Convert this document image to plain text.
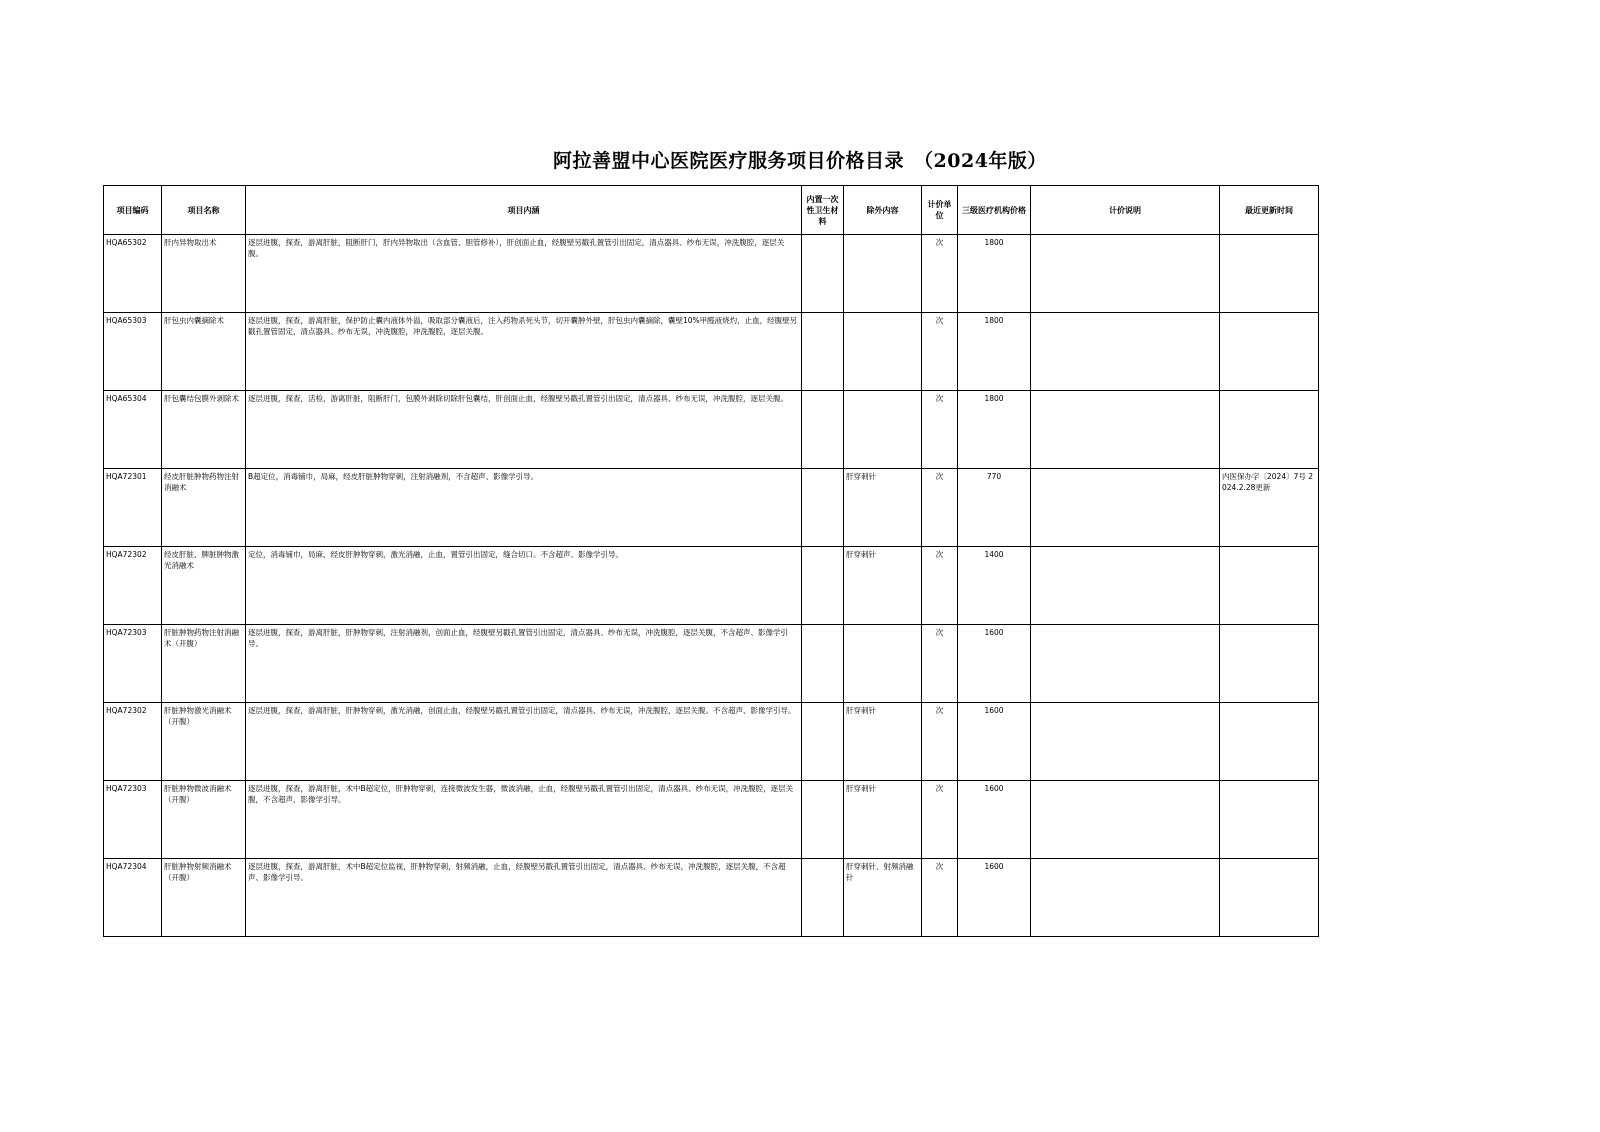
阿拉善盟中心医院医疗服务项目价格目录　（2024年版）
项目编码	项目名称	项目内涵	内置一次性卫生材料	除外内容	计价单位	三级医疗机构价格	计价说明	最近更新时间
HQA65302	肝内异物取出术	逐层进腹，探查，游离肝脏，阻断肝门，肝内异物取出（含血管、胆管修补），肝创面止血，经腹壁另戳孔置管引出固定，清点器具、纱布无误，冲洗腹腔，逐层关腹。			次	1800		
HQA65303	肝包虫内囊摘除术	逐层进腹，探查，游离肝脏，保护防止囊内液体外溢，吸取部分囊液后，注入药物杀死头节，切开囊肿外壁，肝包虫内囊摘除，囊壁10%甲醛液烧灼，止血，经腹壁另戳孔置管固定，清点器具、纱布无误，冲洗腹腔，冲洗腹腔，逐层关腹。			次	1800		
HQA65304	肝包囊结包膜外剥除术	逐层进腹，探查，活检，游离肝脏，阻断肝门，包膜外剥除切除肝包囊结，肝创面止血，经腹壁另戳孔置管引出固定，清点器具、纱布无误，冲洗腹腔，逐层关腹。			次	1800		
HQA72301	经皮肝脏肿物药物注射消融术	B超定位，消毒铺巾，局麻，经皮肝脏肿物穿刺，注射消融剂，不含超声、影像学引导。		肝穿刺针	次	770		内医保办字〔2024〕7号 2024.2.28更新
HQA72302	经皮肝脏、脾脏肿物激光消融术	定位，消毒铺巾，局麻，经皮肝肿物穿刺，激光消融，止血，置管引出固定，缝合切口。不含超声、影像学引导。		肝穿刺针	次	1400		
HQA72303	肝脏肿物药物注射消融术（开腹）	逐层进腹，探查，游离肝脏，肝肿物穿刺，注射消融剂，创面止血，经腹壁另戳孔置管引出固定，清点器具、纱布无误，冲洗腹腔，逐层关腹，不含超声、影像学引导。			次	1600		
HQA72302	肝脏肿物激光消融术（开腹）	逐层进腹，探查，游离肝脏，肝肿物穿刺，激光消融，创面止血，经腹壁另戳孔置管引出固定，清点器具、纱布无误，冲洗腹腔，逐层关腹。不含超声、影像学引导。		肝穿刺针	次	1600		
HQA72303	肝脏肿物微波消融术（开腹）	逐层进腹，探查，游离肝脏，术中B超定位，肝肿物穿刺，连接微波发生器，微波消融，止血，经腹壁另戳孔置管引出固定，清点器具、纱布无误，冲洗腹腔，逐层关腹，不含超声、影像学引导。		肝穿刺针	次	1600		
HQA72304	肝脏肿物射频消融术（开腹）	逐层进腹，探查，游离肝脏，术中B超定位监视，肝肿物穿刺，射频消融，止血，经腹壁另戳孔置管引出固定，清点器具、纱布无误，冲洗腹腔，逐层关腹，不含超声、影像学引导。		肝穿刺针、射频消融针	次	1600		
